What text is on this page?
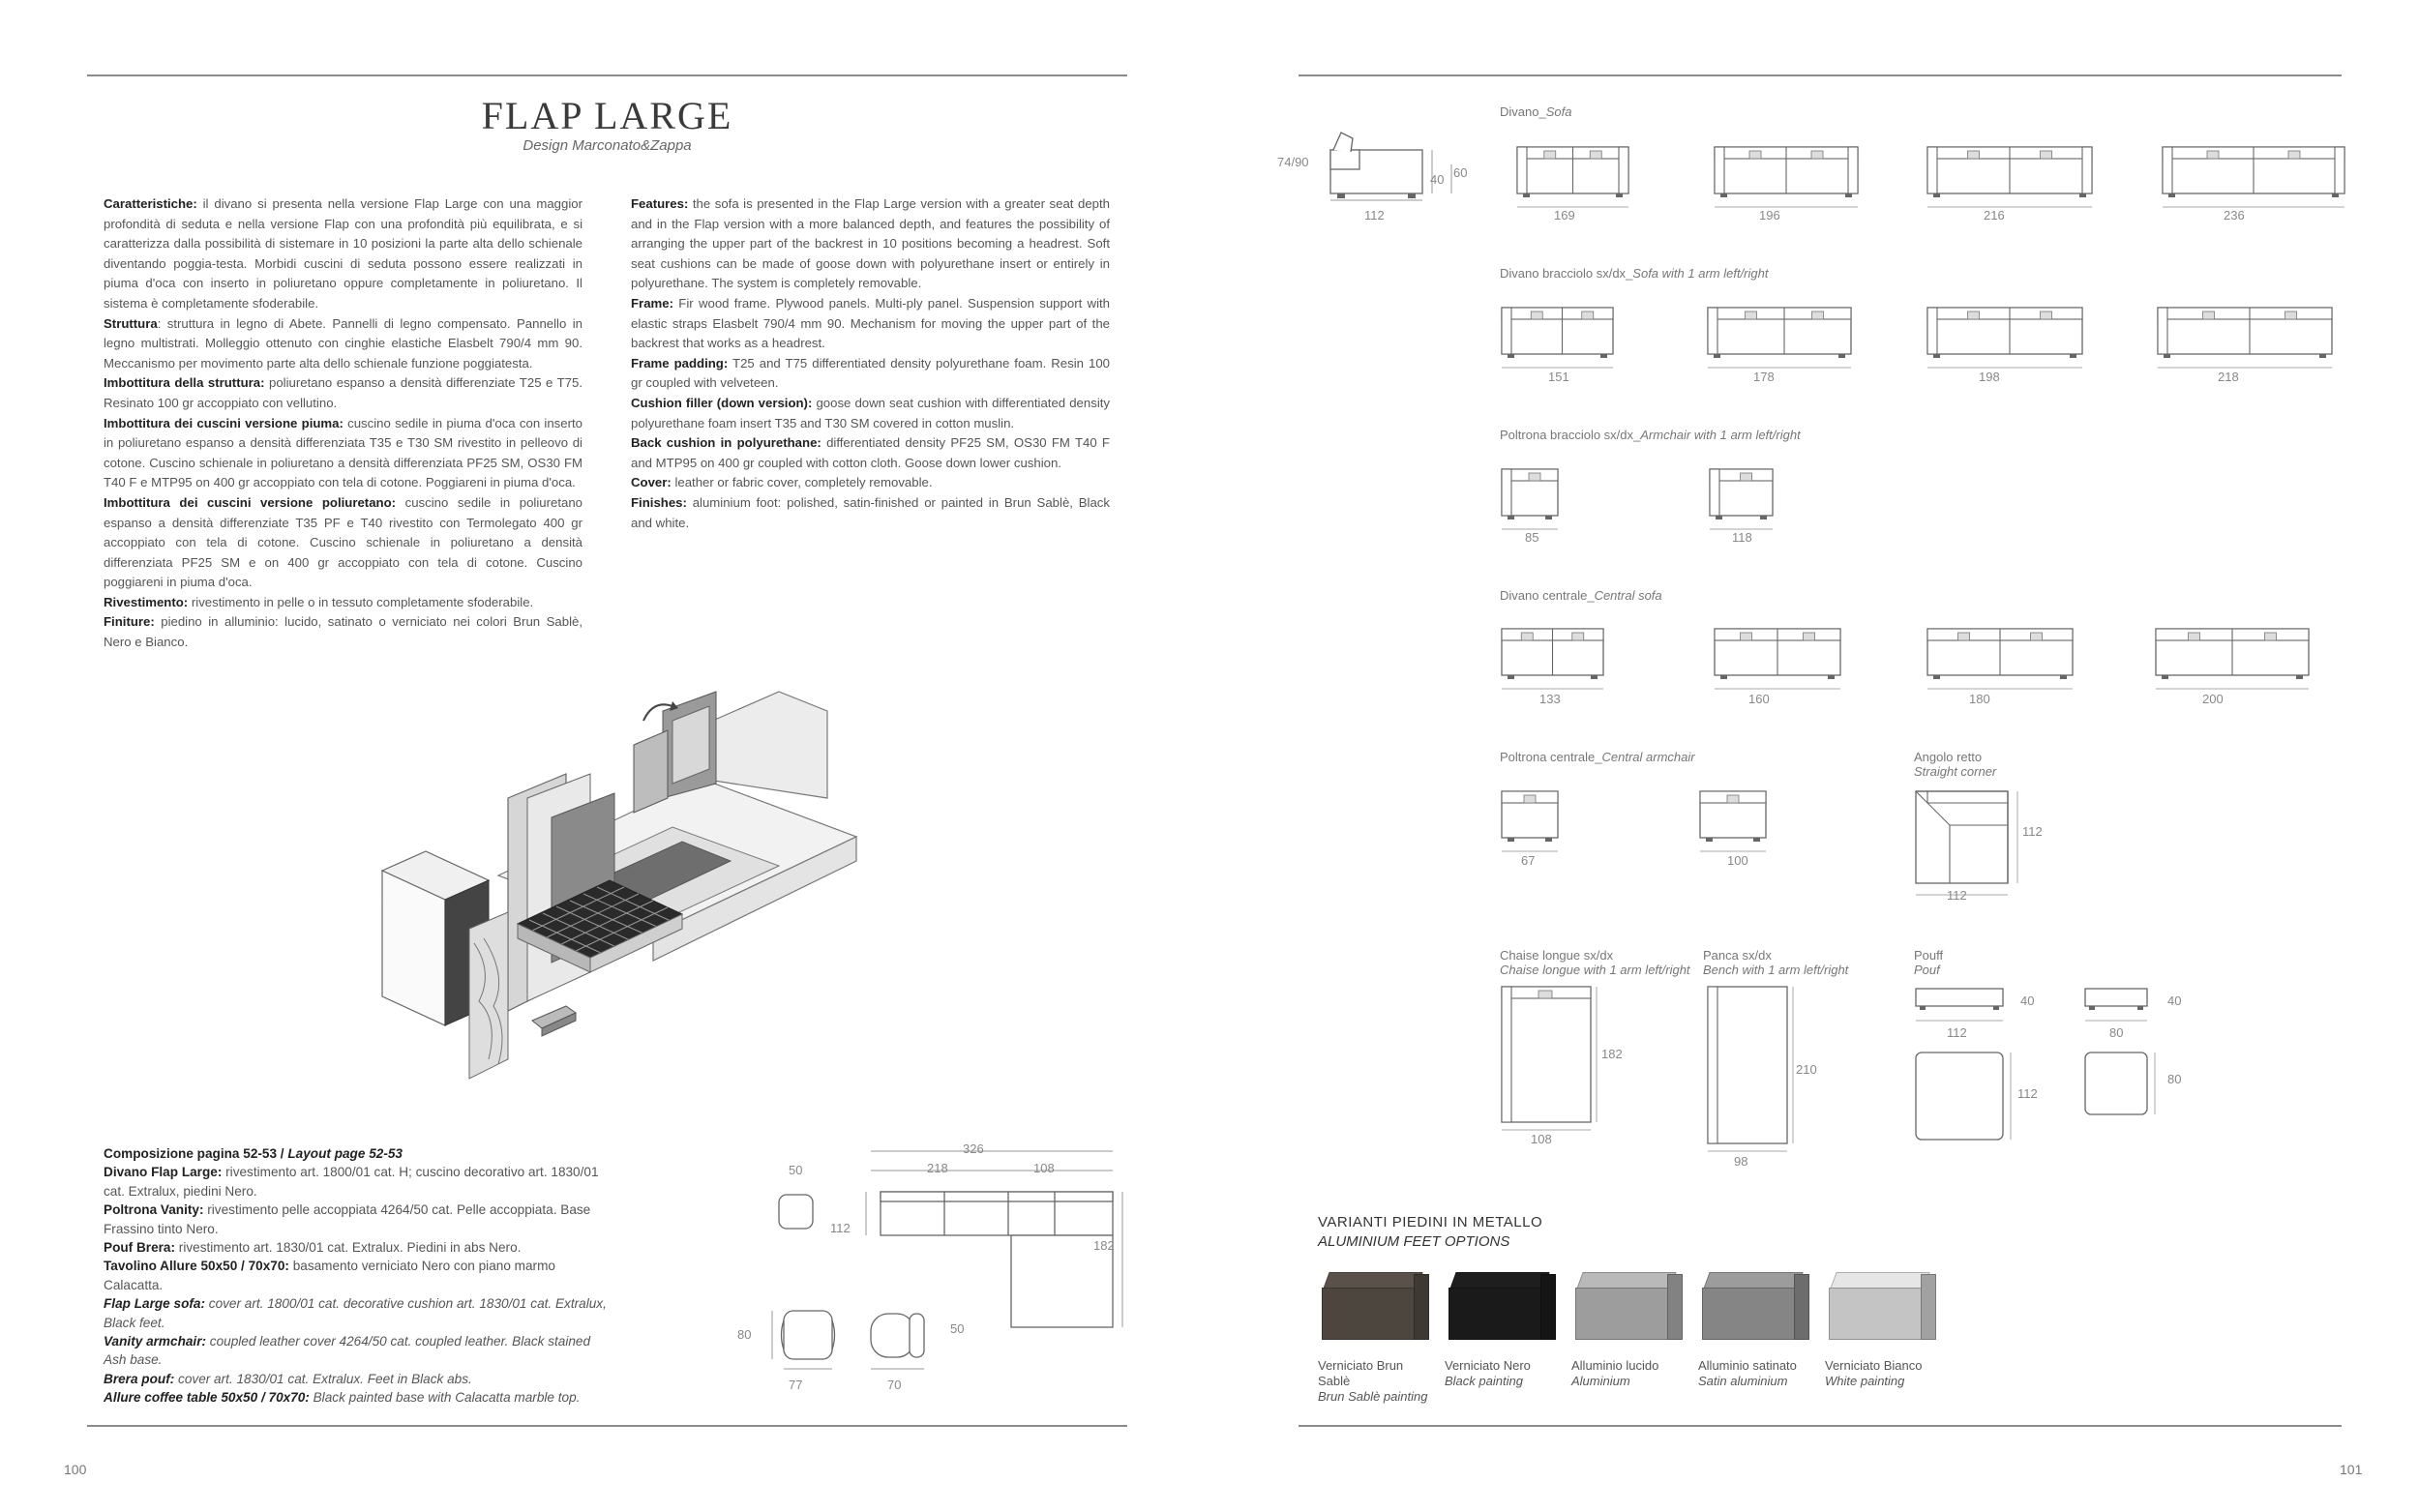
FLAP LARGE
Design Marconato&Zappa
Caratteristiche: il divano si presenta nella versione Flap Large con una maggior profondità di seduta e nella versione Flap con una profondità più equilibrata, e si caratterizza dalla possibilità di sistemare in 10 posizioni la parte alta dello schienale diventando poggia-testa. Morbidi cuscini di seduta possono essere realizzati in piuma d'oca con inserto in poliuretano oppure completamente in poliuretano. Il sistema è completamente sfoderabile.
Struttura: struttura in legno di Abete. Pannelli di legno compensato. Pannello in legno multistrati. Molleggio ottenuto con cinghie elastiche Elasbelt 790/4 mm 90. Meccanismo per movimento parte alta dello schienale funzione poggiatesta.
Imbottitura della struttura: poliuretano espanso a densità differenziate T25 e T75. Resinato 100 gr accoppiato con vellutino.
Imbottitura dei cuscini versione piuma: cuscino sedile in piuma d'oca con inserto in poliuretano espanso a densità differenziata T35 e T30 SM rivestito in pelleovo di cotone. Cuscino schienale in poliuretano a densità differenziata PF25 SM, OS30 FM T40 F e MTP95 on 400 gr accoppiato con tela di cotone. Poggiareni in piuma d'oca.
Imbottitura dei cuscini versione poliuretano: cuscino sedile in poliuretano espanso a densità differenziate T35 PF e T40 rivestito con Termolegato 400 gr accoppiato con tela di cotone. Cuscino schienale in poliuretano a densità differenziata PF25 SM e on 400 gr accoppiato con tela di cotone. Cuscino poggiareni in piuma d'oca.
Rivestimento: rivestimento in pelle o in tessuto completamente sfoderabile.
Finiture: piedino in alluminio: lucido, satinato o verniciato nei colori Brun Sablè, Nero e Bianco.

Features: the sofa is presented in the Flap Large version with a greater seat depth and in the Flap version with a more balanced depth, and features the possibility of arranging the upper part of the backrest in 10 positions becoming a headrest. Soft seat cushions can be made of goose down with polyurethane insert or entirely in polyurethane. The system is completely removable.
Frame: Fir wood frame. Plywood panels. Multi-ply panel. Suspension support with elastic straps Elasbelt 790/4 mm 90. Mechanism for moving the upper part of the backrest that works as a headrest.
Frame padding: T25 and T75 differentiated density polyurethane foam. Resin 100 gr coupled with velveteen.
Cushion filler (down version): goose down seat cushion with differentiated density polyurethane foam insert T35 and T30 SM covered in cotton muslin.
Back cushion in polyurethane: differentiated density PF25 SM, OS30 FM T40 F and MTP95 on 400 gr coupled with cotton cloth. Goose down lower cushion.
Cover: leather or fabric cover, completely removable.
Finishes: aluminium foot: polished, satin-finished or painted in Brun Sablè, Black and white.

Composizione pagina 52-53 / Layout page 52-53
Divano Flap Large: rivestimento art. 1800/01 cat. H; cuscino decorativo art. 1830/01 cat. Extralux, piedini Nero.
Poltrona Vanity: rivestimento pelle accoppiata 4264/50 cat. Pelle accoppiata. Base Frassino tinto Nero.
Pouf Brera: rivestimento art. 1830/01 cat. Extralux. Piedini in abs Nero.
Tavolino Allure 50x50 / 70x70: basamento verniciato Nero con piano marmo Calacatta.
Flap Large sofa: cover art. 1800/01 cat. decorative cushion art. 1830/01 cat. Extralux, Black feet.
Vanity armchair: coupled leather cover 4264/50 cat. coupled leather. Black stained Ash base.
Brera pouf: cover art. 1830/01 cat. Extralux. Feet in Black abs.
Allure coffee table 50x50 / 70x70: Black painted base with Calacatta marble top.

326
218	108
50
112
182
80	50
77	70
100	101
74/90
40 60
112
Divano_Sofa
Divano bracciolo sx/dx_Sofa with 1 arm left/right
Poltrona bracciolo sx/dx_Armchair with 1 arm left/right
Divano centrale_Central sofa
Poltrona centrale_Central armchair
169	196	216	236
151	178	198	218
85	118
133	160	180	200
67	100
Angolo retto
Straight corner
112
112
Chaise longue sx/dx
Chaise longue with 1 arm left/right
182
108
Panca sx/dx
Bench with 1 arm left/right
210
98
Pouff
Pouf
40
112
112
40
80
80
VARIANTI PIEDINI IN METALLO
ALUMINIUM FEET OPTIONS
Verniciato Brun Sablè
Brun Sablè painting
Verniciato Nero
Black painting
Alluminio lucido
Aluminium
Alluminio satinato
Satin aluminium
Verniciato Bianco
White painting
